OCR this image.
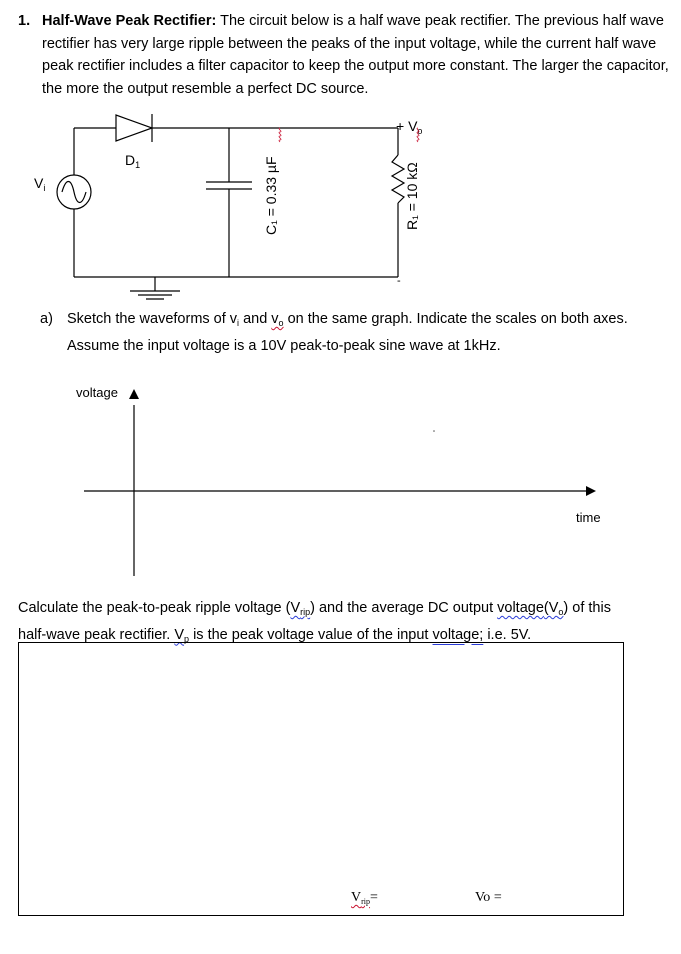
1. Half-Wave Peak Rectifier: The circuit below is a half wave peak rectifier. The previous half wave rectifier has very large ripple between the peaks of the input voltage, while the current half wave peak rectifier includes a filter capacitor to keep the output more constant. The larger the capacitor, the more the output resemble a perfect DC source.
$V_i$
$D_1$
+ $V_o$
-
C₁ = 0.33 µF	R₁ = 10 kΩ
a) Sketch the waveforms of $v_i$ and $v_o$ on the same graph. Indicate the scales on both axes.
Assume the input voltage is a 10V peak-to-peak sine wave at 1kHz.
voltage
time
Calculate the peak-to-peak ripple voltage $(V_{rip})$ and the average DC output $voltage(V_o)$ of this
half-wave peak rectifier. $V_p$ is the peak voltage value of the input voltage; i.e. 5V.
$V_{rip}=$	Vo =
